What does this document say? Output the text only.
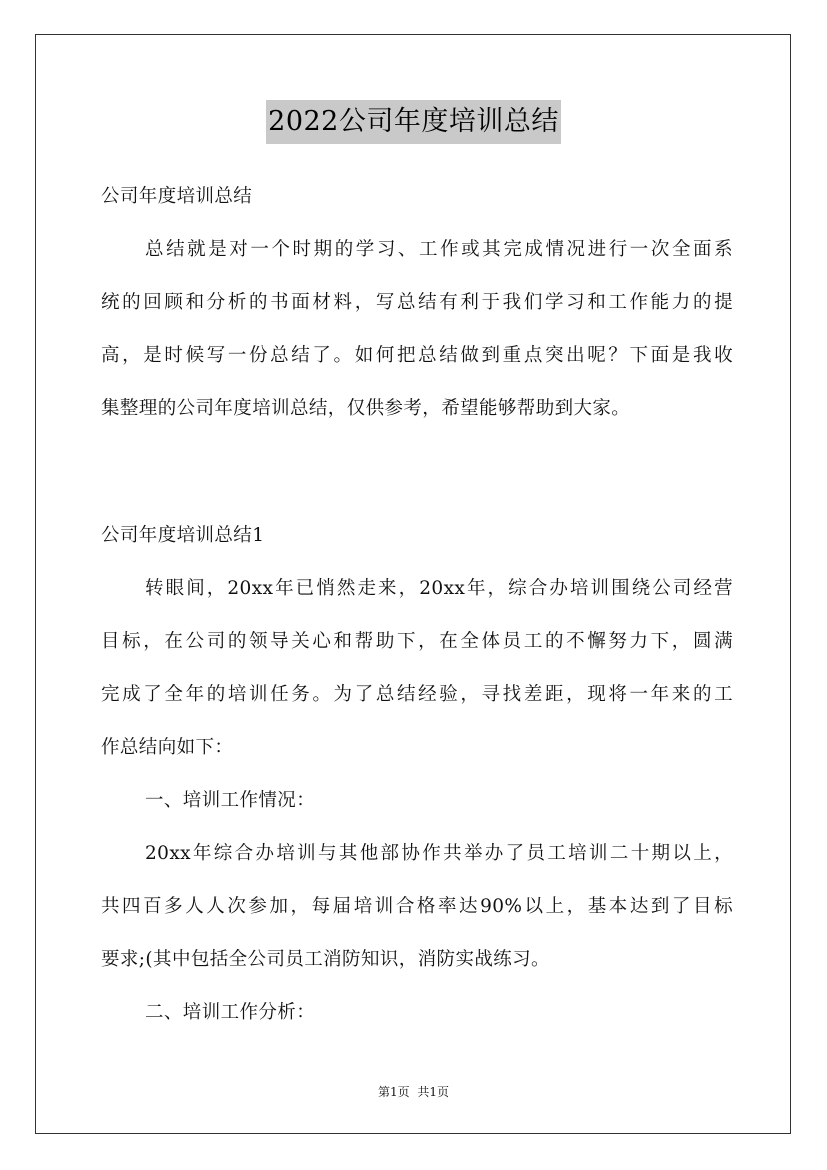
2022公司年度培训总结
公司年度培训总结
总结就是对一个时期的学习、工作或其完成情况进行一次全面系
统的回顾和分析的书面材料，写总结有利于我们学习和工作能力的提
高，是时候写一份总结了。如何把总结做到重点突出呢？下面是我收
集整理的公司年度培训总结，仅供参考，希望能够帮助到大家。
公司年度培训总结1
转眼间，20xx年已悄然走来，20xx年，综合办培训围绕公司经营
目标，在公司的领导关心和帮助下，在全体员工的不懈努力下，圆满
完成了全年的培训任务。为了总结经验，寻找差距，现将一年来的工
作总结向如下：
一、培训工作情况：
20xx年综合办培训与其他部协作共举办了员工培训二十期以上，
共四百多人人次参加，每届培训合格率达90%以上，基本达到了目标
要求;(其中包括全公司员工消防知识，消防实战练习。
二、培训工作分析：
第1页 共1页
